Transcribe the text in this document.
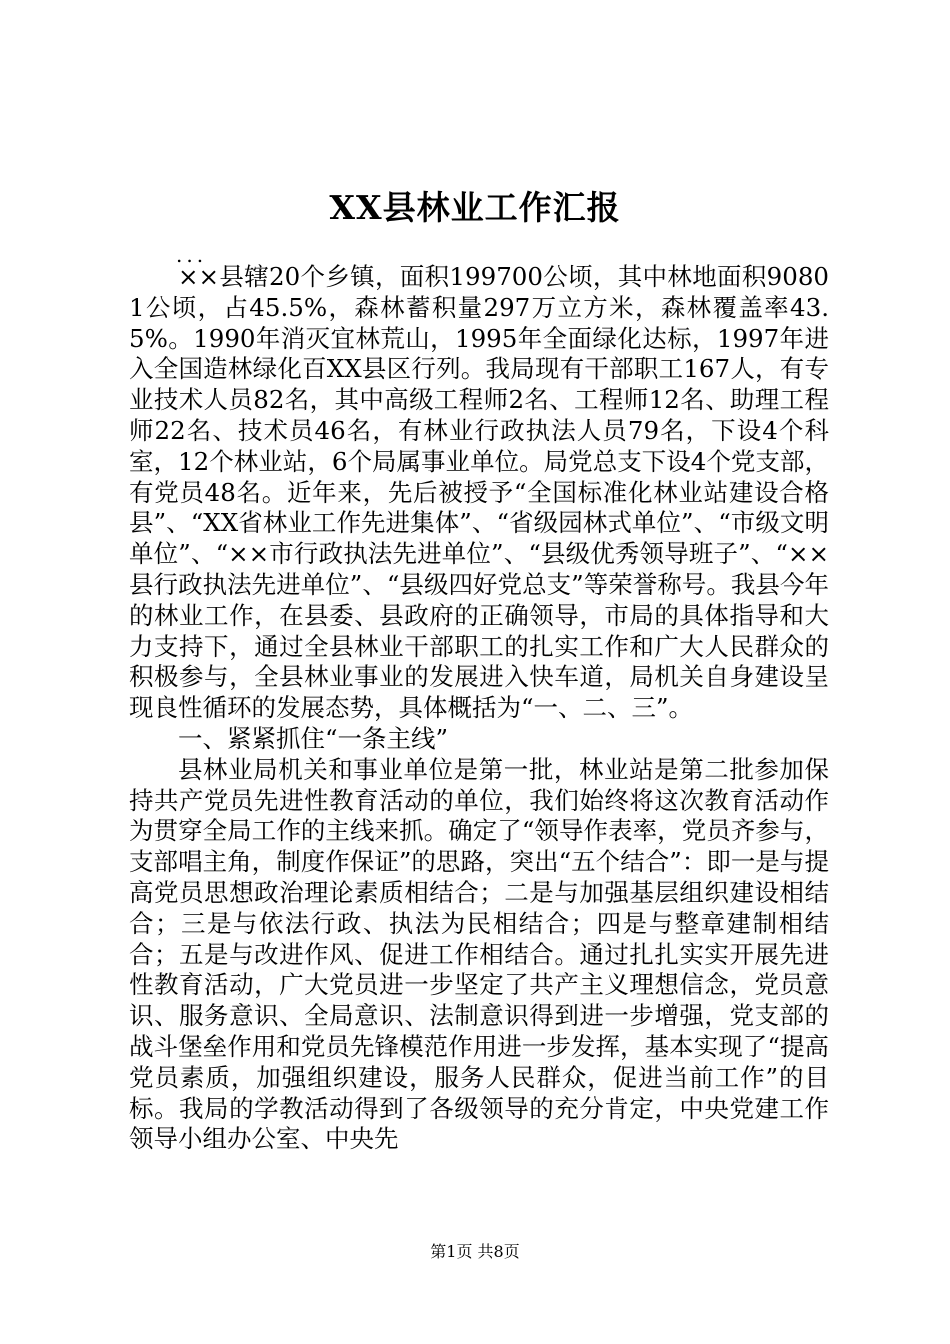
XX县林业工作汇报
...

××县辖20个乡镇，面积199700公顷，其中林地面积90801公顷，占45.5%，森林蓄积量297万立方米，森林覆盖率43.5%。1990年消灭宜林荒山，1995年全面绿化达标，1997年进入全国造林绿化百XX县区行列。我局现有干部职工167人，有专业技术人员82名，其中高级工程师2名、工程师12名、助理工程师22名、技术员46名，有林业行政执法人员79名，下设4个科室，12个林业站，6个局属事业单位。局党总支下设4个党支部，有党员48名。近年来，先后被授予“全国标准化林业站建设合格县”、“XX省林业工作先进集体”、“省级园林式单位”、“市级文明单位”、“××市行政执法先进单位”、“县级优秀领导班子”、“××县行政执法先进单位”、“县级四好党总支”等荣誉称号。我县今年的林业工作，在县委、县政府的正确领导，市局的具体指导和大力支持下，通过全县林业干部职工的扎实工作和广大人民群众的积极参与，全县林业事业的发展进入快车道，局机关自身建设呈现良性循环的发展态势，具体概括为“一、二、三”。

一、紧紧抓住“一条主线”

县林业局机关和事业单位是第一批，林业站是第二批参加保持共产党员先进性教育活动的单位，我们始终将这次教育活动作为贯穿全局工作的主线来抓。确定了“领导作表率，党员齐参与，支部唱主角，制度作保证”的思路，突出“五个结合”：即一是与提高党员思想政治理论素质相结合；二是与加强基层组织建设相结合；三是与依法行政、执法为民相结合；四是与整章建制相结合；五是与改进作风、促进工作相结合。通过扎扎实实开展先进性教育活动，广大党员进一步坚定了共产主义理想信念，党员意识、服务意识、全局意识、法制意识得到进一步增强，党支部的战斗堡垒作用和党员先锋模范作用进一步发挥，基本实现了“提高党员素质，加强组织建设，服务人民群众，促进当前工作”的目标。我局的学教活动得到了各级领导的充分肯定，中央党建工作领导小组办公室、中央先

第1页 共8页
